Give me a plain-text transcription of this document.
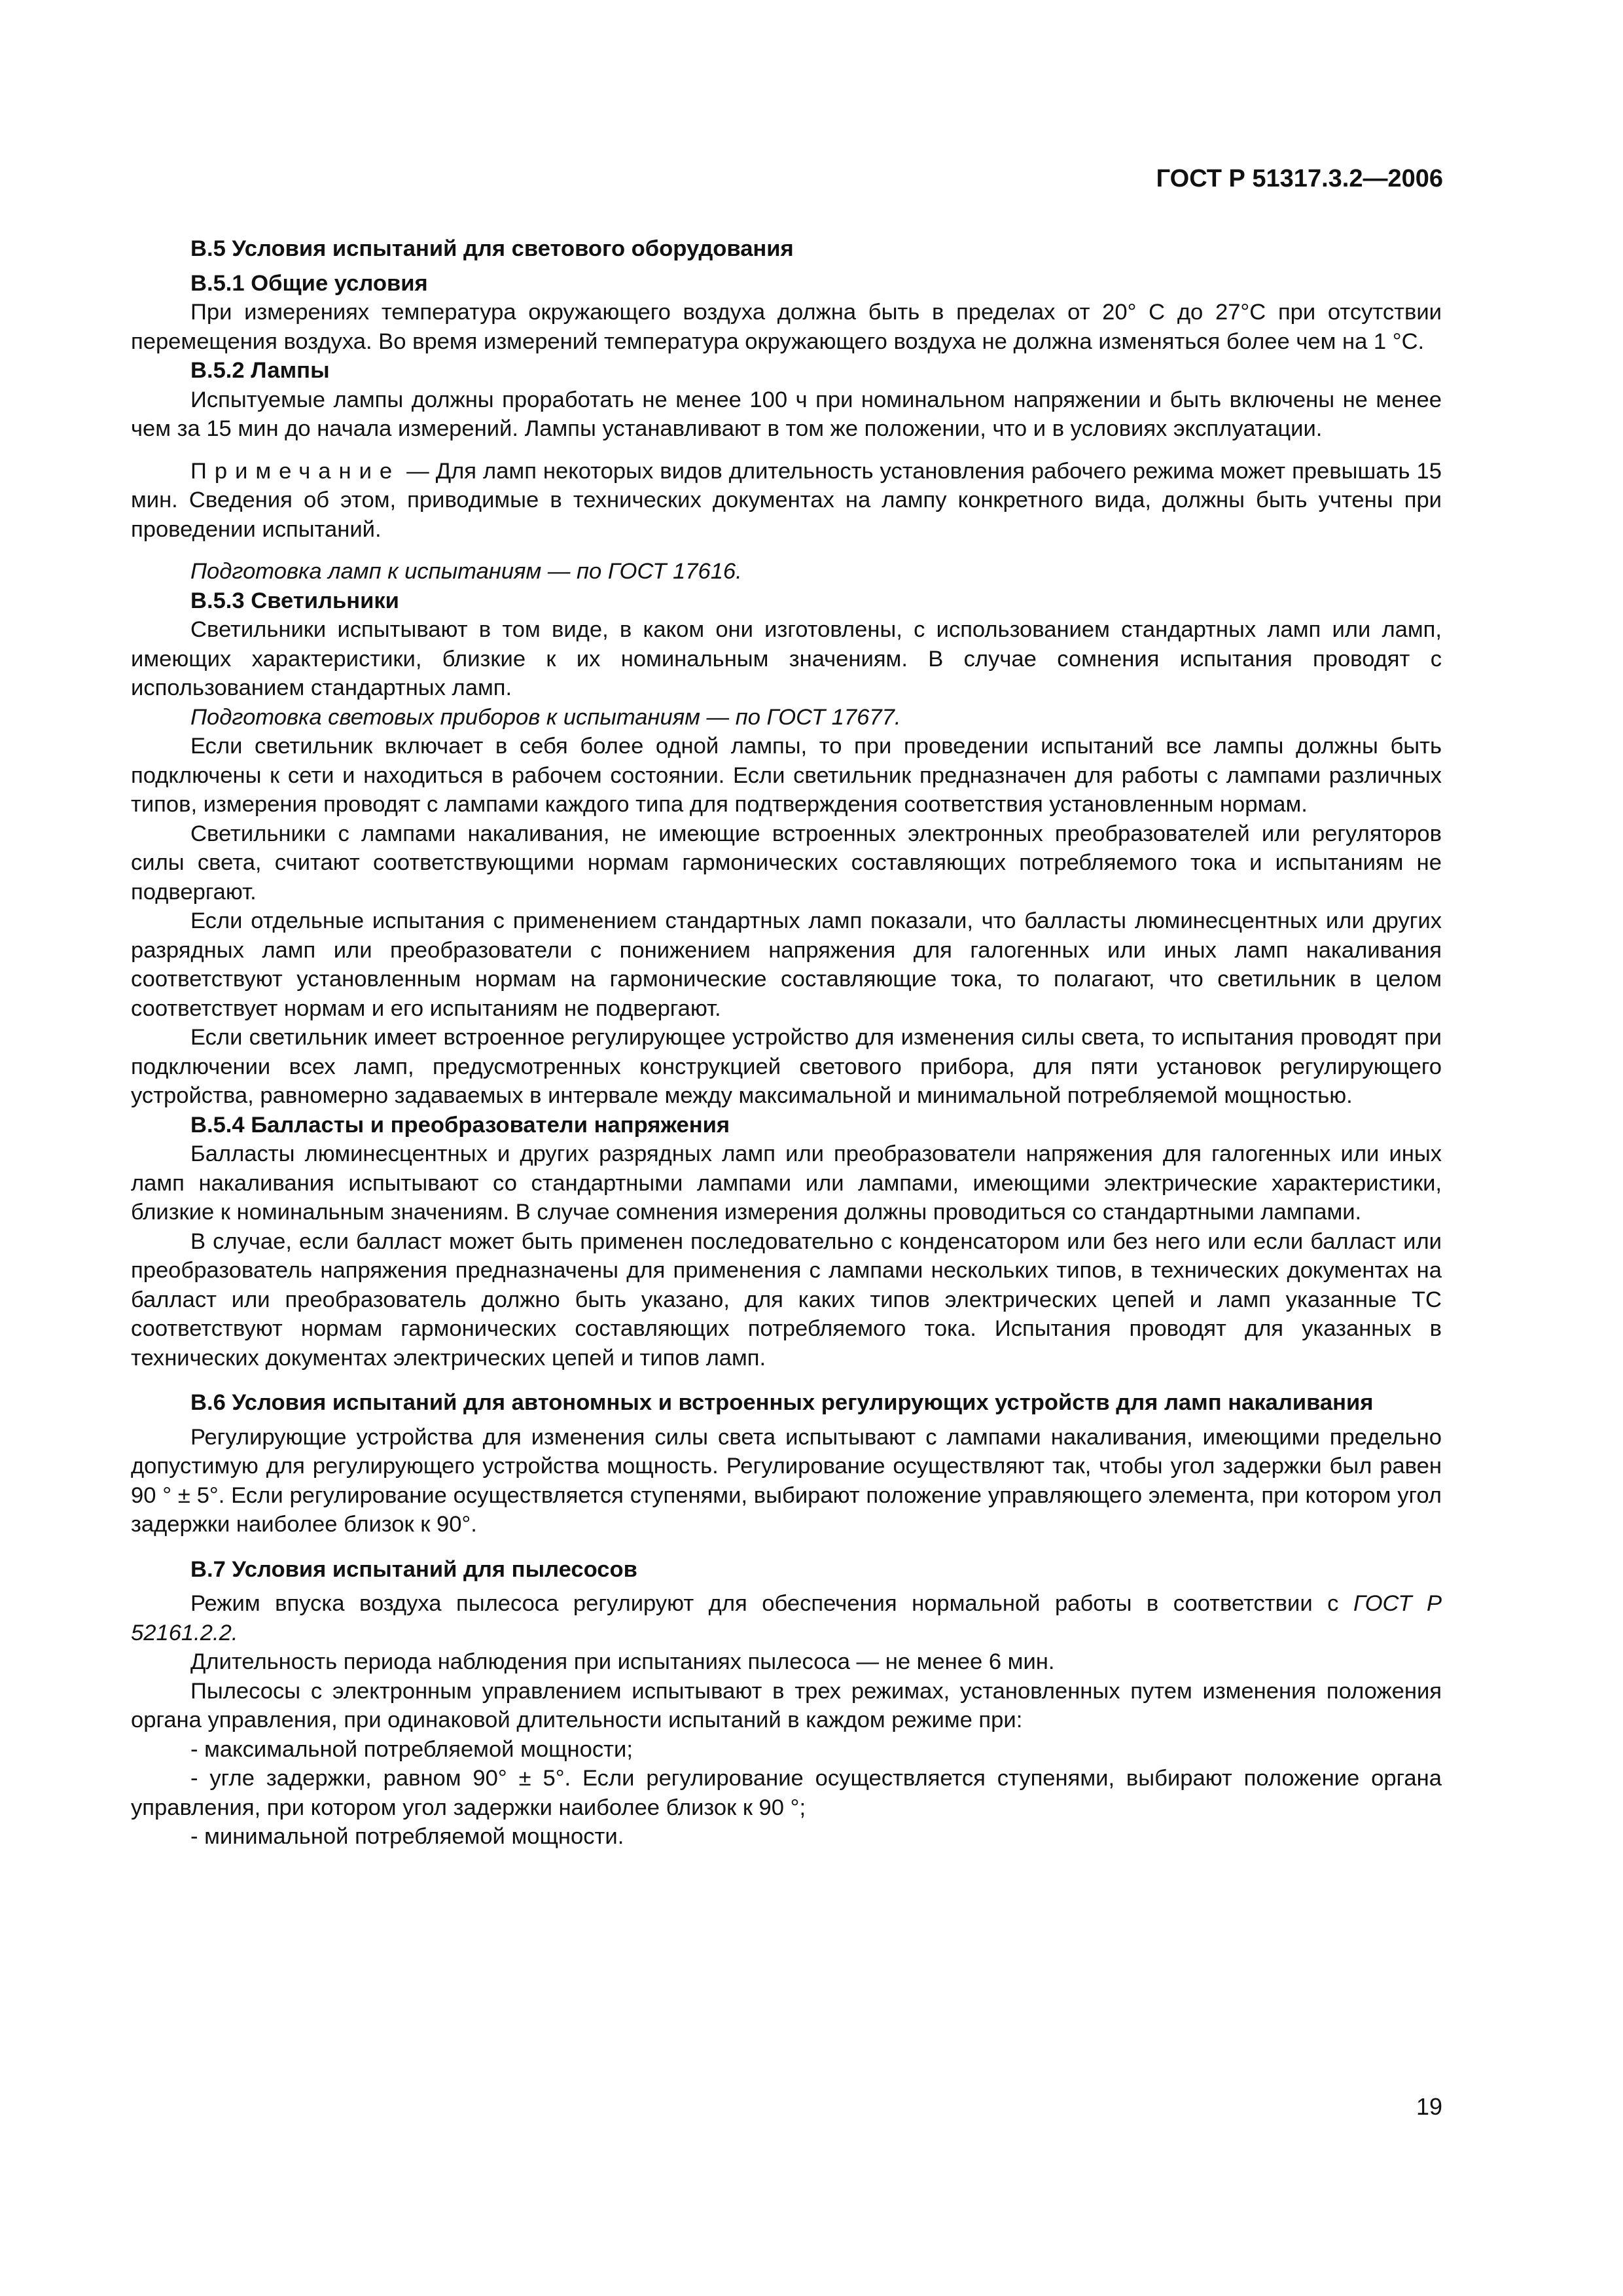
ГОСТ Р 51317.3.2—2006

В.5 Условия испытаний для светового оборудования

В.5.1 Общие условия

При измерениях температура окружающего воздуха должна быть в пределах от 20° С до 27°С при отсутствии перемещения воздуха. Во время измерений температура окружающего воздуха не должна изменяться более чем на 1 °С.

В.5.2 Лампы

Испытуемые лампы должны проработать не менее 100 ч при номинальном напряжении и быть включены не менее чем за 15 мин до начала измерений. Лампы устанавливают в том же положении, что и в условиях эксплуатации.

Примечание — Для ламп некоторых видов длительность установления рабочего режима может превышать 15 мин. Сведения об этом, приводимые в технических документах на лампу конкретного вида, должны быть учтены при проведении испытаний.

Подготовка ламп к испытаниям — по ГОСТ 17616.

В.5.3 Светильники

Светильники испытывают в том виде, в каком они изготовлены, с использованием стандартных ламп или ламп, имеющих характеристики, близкие к их номинальным значениям. В случае сомнения испытания проводят с использованием стандартных ламп.

Подготовка световых приборов к испытаниям — по ГОСТ 17677.

Если светильник включает в себя более одной лампы, то при проведении испытаний все лампы должны быть подключены к сети и находиться в рабочем состоянии. Если светильник предназначен для работы с лампами различных типов, измерения проводят с лампами каждого типа для подтверждения соответствия установленным нормам.

Светильники с лампами накаливания, не имеющие встроенных электронных преобразователей или регуляторов силы света, считают соответствующими нормам гармонических составляющих потребляемого тока и испытаниям не подвергают.

Если отдельные испытания с применением стандартных ламп показали, что балласты люминесцентных или других разрядных ламп или преобразователи с понижением напряжения для галогенных или иных ламп накаливания соответствуют установленным нормам на гармонические составляющие тока, то полагают, что светильник в целом соответствует нормам и его испытаниям не подвергают.

Если светильник имеет встроенное регулирующее устройство для изменения силы света, то испытания проводят при подключении всех ламп, предусмотренных конструкцией светового прибора, для пяти установок регулирующего устройства, равномерно задаваемых в интервале между максимальной и минимальной потребляемой мощностью.

В.5.4 Балласты и преобразователи напряжения

Балласты люминесцентных и других разрядных ламп или преобразователи напряжения для галогенных или иных ламп накаливания испытывают со стандартными лампами или лампами, имеющими электрические характеристики, близкие к номинальным значениям. В случае сомнения измерения должны проводиться со стандартными лампами.

В случае, если балласт может быть применен последовательно с конденсатором или без него или если балласт или преобразователь напряжения предназначены для применения с лампами нескольких типов, в технических документах на балласт или преобразователь должно быть указано, для каких типов электрических цепей и ламп указанные ТС соответствуют нормам гармонических составляющих потребляемого тока. Испытания проводят для указанных в технических документах электрических цепей и типов ламп.

В.6 Условия испытаний для автономных и встроенных регулирующих устройств для ламп накаливания

Регулирующие устройства для изменения силы света испытывают с лампами накаливания, имеющими предельно допустимую для регулирующего устройства мощность. Регулирование осуществляют так, чтобы угол задержки был равен 90 ° ± 5°. Если регулирование осуществляется ступенями, выбирают положение управляющего элемента, при котором угол задержки наиболее близок к 90°.

В.7 Условия испытаний для пылесосов

Режим впуска воздуха пылесоса регулируют для обеспечения нормальной работы в соответствии с ГОСТ Р 52161.2.2.

Длительность периода наблюдения при испытаниях пылесоса — не менее 6 мин.

Пылесосы с электронным управлением испытывают в трех режимах, установленных путем изменения положения органа управления, при одинаковой длительности испытаний в каждом режиме при:

- максимальной потребляемой мощности;

- угле задержки, равном 90° ± 5°. Если регулирование осуществляется ступенями, выбирают положение органа управления, при котором угол задержки наиболее близок к 90 °;

- минимальной потребляемой мощности.

19
